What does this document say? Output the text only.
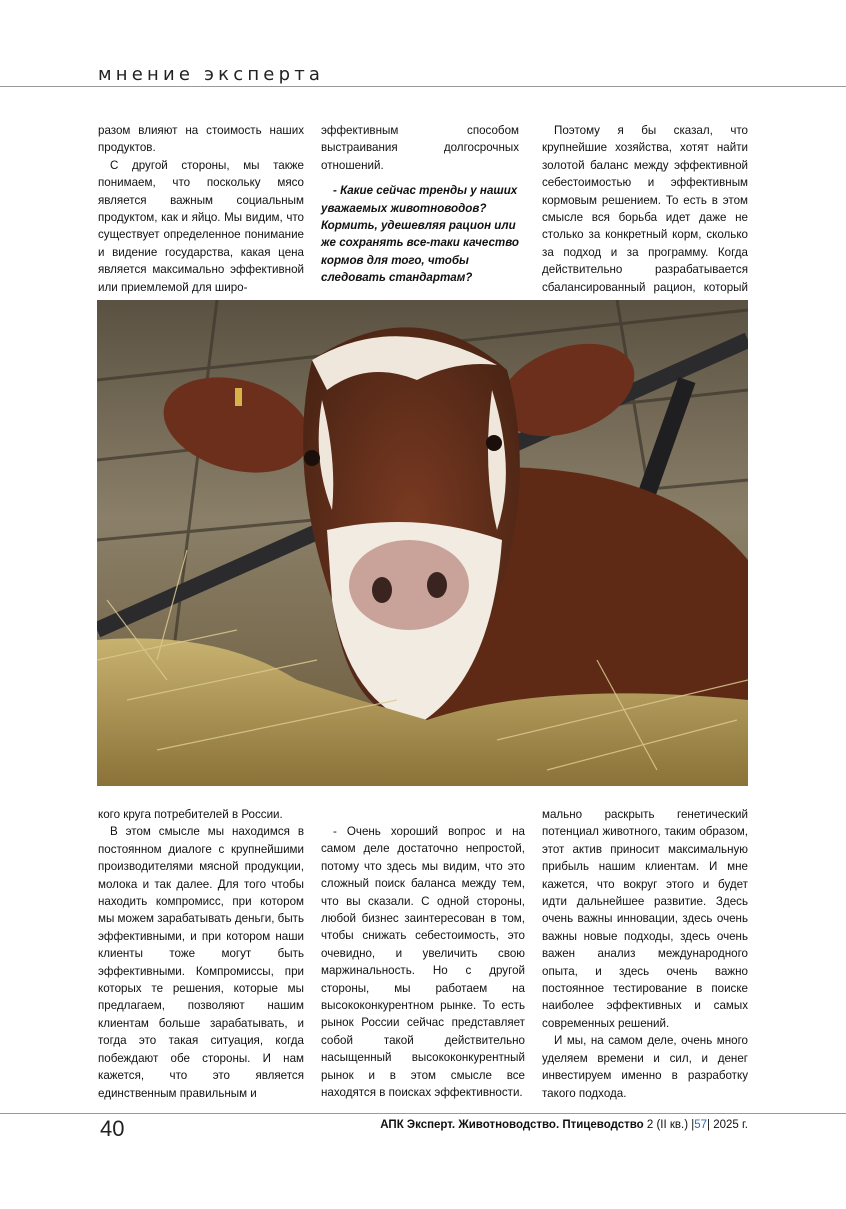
мнение эксперта

разом влияют на стоимость наших продуктов.

С другой стороны, мы также понимаем, что поскольку мясо является важным социальным продуктом, как и яйцо. Мы видим, что существует определенное понимание и видение государства, какая цена является максимально эффективной или приемлемой для широ-

эффективным способом выстраивания долгосрочных отношений.

- Какие сейчас тренды у наших уважаемых животноводов? Кормить, удешевляя рацион или же сохранять все-таки качество кормов для того, чтобы следовать стандартам?

Поэтому я бы сказал, что крупнейшие хозяйства, хотят найти золотой баланс между эффективной себестоимостью и эффективным кормовым решением. То есть в этом смысле вся борьба идет даже не столько за конкретный корм, сколько за подход и за программу. Когда действительно разрабатывается сбалансированный рацион, который

кого круга потребителей в России.

В этом смысле мы находимся в постоянном диалоге с крупнейшими производителями мясной продукции, молока и так далее. Для того чтобы находить компромисс, при котором мы можем зарабатывать деньги, быть эффективными, и при котором наши клиенты тоже могут быть эффективными. Компромиссы, при которых те решения, которые мы предлагаем, позволяют нашим клиентам больше зарабатывать, и тогда это такая ситуация, когда побеждают обе стороны. И нам кажется, что это является единственным правильным и

- Очень хороший вопрос и на самом деле достаточно непростой, потому что здесь мы видим, что это сложный поиск баланса между тем, что вы сказали. С одной стороны, любой бизнес заинтересован в том, чтобы снижать себестоимость, это очевидно, и увеличить свою маржинальность. Но с другой стороны, мы работаем на высококонкурентном рынке. То есть рынок России сейчас представляет собой такой действительно насыщенный высококонкурентный рынок и в этом смысле все находятся в поисках эффективности.

мально раскрыть генетический потенциал животного, таким образом, этот актив приносит максимальную прибыль нашим клиентам. И мне кажется, что вокруг этого и будет идти дальнейшее развитие. Здесь очень важны инновации, здесь очень важны новые подходы, здесь очень важен анализ международного опыта, и здесь очень важно постоянное тестирование в поиске наиболее эффективных и самых современных решений.

И мы, на самом деле, очень много уделяем времени и сил, и денег инвестируем именно в разработку такого подхода.

40	АПК Эксперт. Животноводство. Птицеводство 2 (II кв.) |57| 2025 г.
